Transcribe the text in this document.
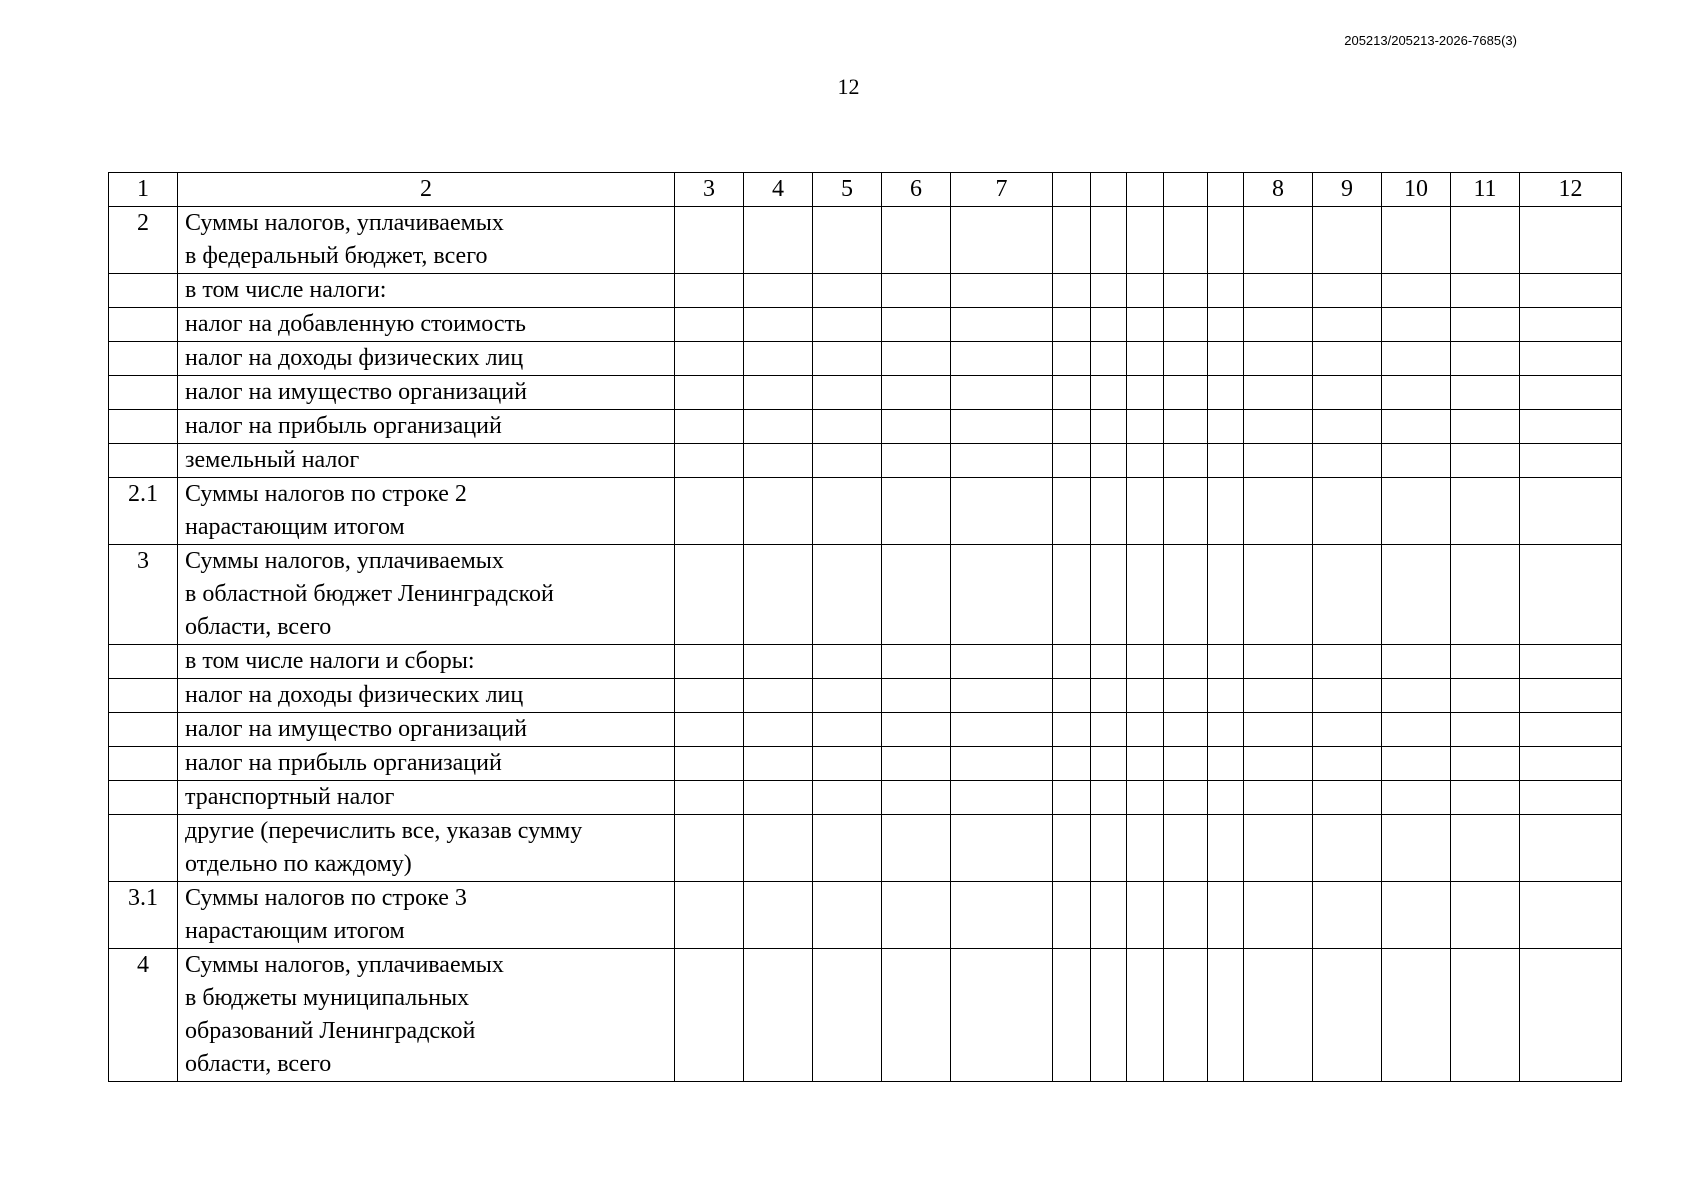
205213/205213-2026-7685(3)
12
1	2	3	4	5	6	7						8	9	10	11	12
2	Суммы налогов, уплачиваемых
в федеральный бюджет, всего															
	в том числе налоги:															
	налог на добавленную стоимость															
	налог на доходы физических лиц															
	налог на имущество организаций															
	налог на прибыль организаций															
	земельный налог															
2.1	Суммы налогов по строке 2
нарастающим итогом															
3	Суммы налогов, уплачиваемых
в областной бюджет Ленинградской
области, всего															
	в том числе налоги и сборы:															
	налог на доходы физических лиц															
	налог на имущество организаций															
	налог на прибыль организаций															
	транспортный налог															
	другие (перечислить все, указав сумму
отдельно по каждому)															
3.1	Суммы налогов по строке 3
нарастающим итогом															
4	Суммы налогов, уплачиваемых
в бюджеты муниципальных
образований Ленинградской
области, всего															
